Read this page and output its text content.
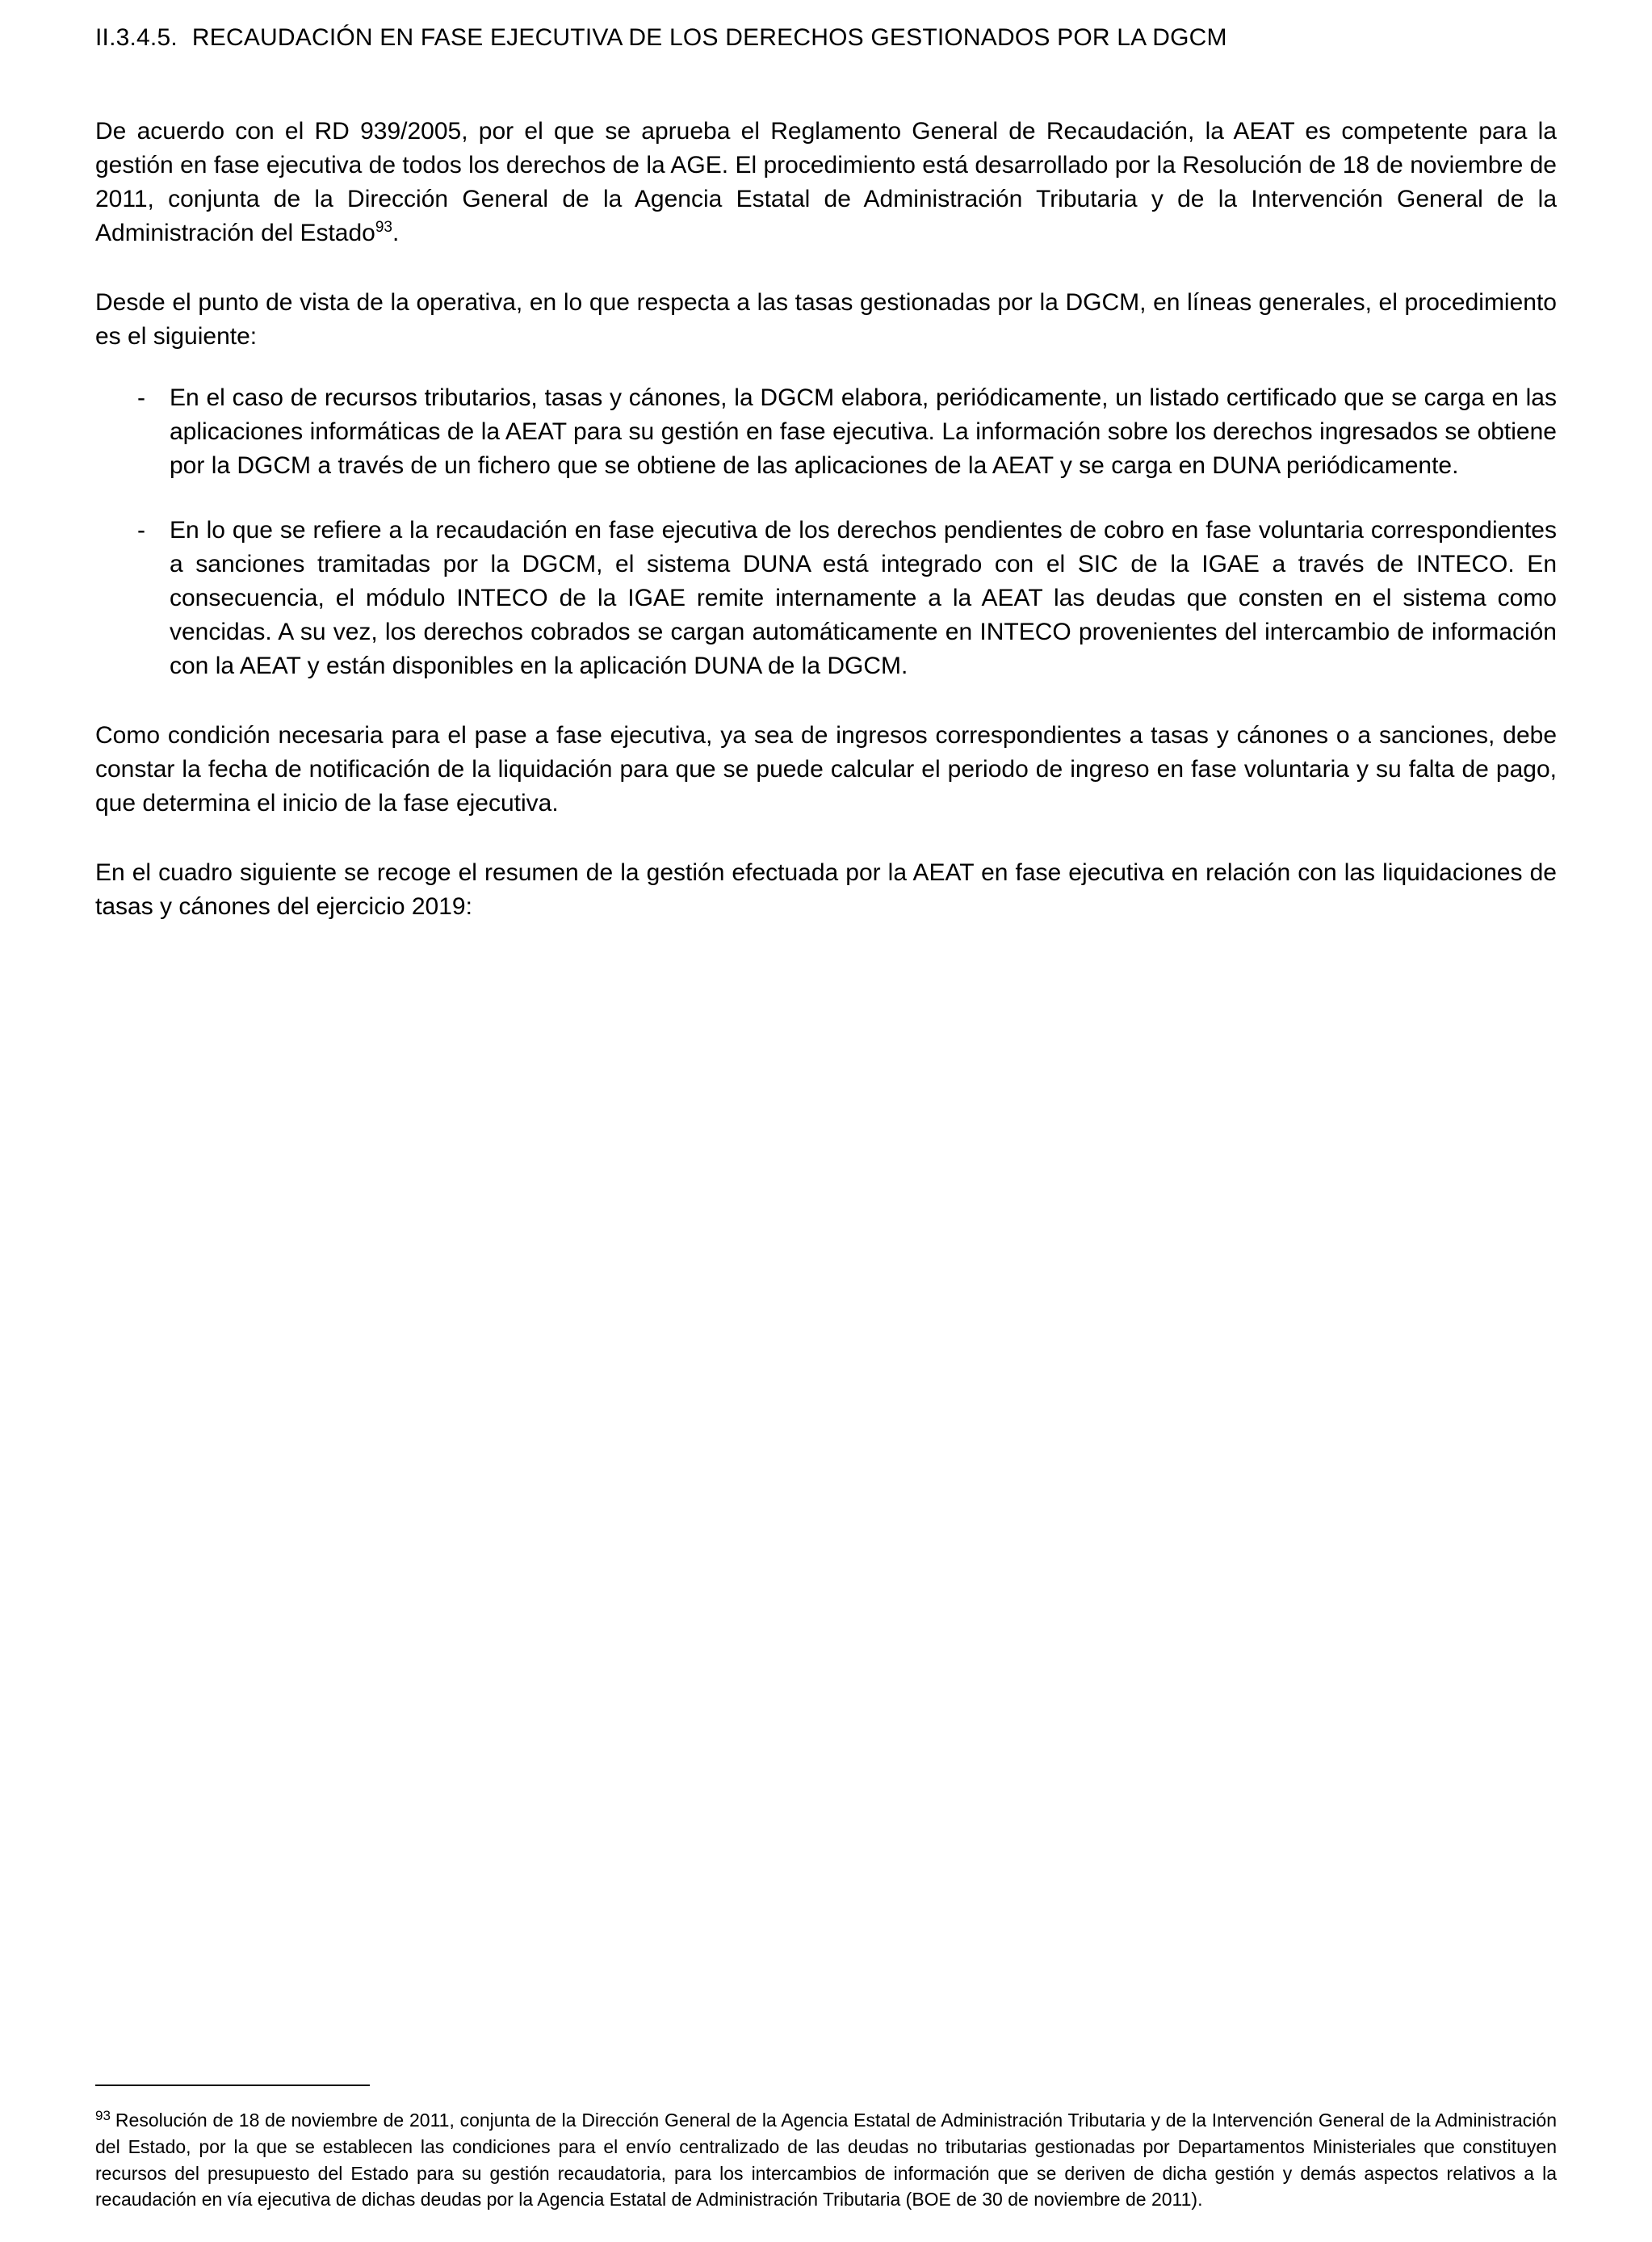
II.3.4.5. RECAUDACIÓN EN FASE EJECUTIVA DE LOS DERECHOS GESTIONADOS POR LA DGCM

De acuerdo con el RD 939/2005, por el que se aprueba el Reglamento General de Recaudación, la AEAT es competente para la gestión en fase ejecutiva de todos los derechos de la AGE. El procedimiento está desarrollado por la Resolución de 18 de noviembre de 2011, conjunta de la Dirección General de la Agencia Estatal de Administración Tributaria y de la Intervención General de la Administración del Estado$^{93}$.

Desde el punto de vista de la operativa, en lo que respecta a las tasas gestionadas por la DGCM, en líneas generales, el procedimiento es el siguiente:

-	En el caso de recursos tributarios, tasas y cánones, la DGCM elabora, periódicamente, un listado certificado que se carga en las aplicaciones informáticas de la AEAT para su gestión en fase ejecutiva. La información sobre los derechos ingresados se obtiene por la DGCM a través de un fichero que se obtiene de las aplicaciones de la AEAT y se carga en DUNA periódicamente.
-	En lo que se refiere a la recaudación en fase ejecutiva de los derechos pendientes de cobro en fase voluntaria correspondientes a sanciones tramitadas por la DGCM, el sistema DUNA está integrado con el SIC de la IGAE a través de INTECO. En consecuencia, el módulo INTECO de la IGAE remite internamente a la AEAT las deudas que consten en el sistema como vencidas. A su vez, los derechos cobrados se cargan automáticamente en INTECO provenientes del intercambio de información con la AEAT y están disponibles en la aplicación DUNA de la DGCM.

Como condición necesaria para el pase a fase ejecutiva, ya sea de ingresos correspondientes a tasas y cánones o a sanciones, debe constar la fecha de notificación de la liquidación para que se puede calcular el periodo de ingreso en fase voluntaria y su falta de pago, que determina el inicio de la fase ejecutiva.

En el cuadro siguiente se recoge el resumen de la gestión efectuada por la AEAT en fase ejecutiva en relación con las liquidaciones de tasas y cánones del ejercicio 2019:

$^{93}$ Resolución de 18 de noviembre de 2011, conjunta de la Dirección General de la Agencia Estatal de Administración Tributaria y de la Intervención General de la Administración del Estado, por la que se establecen las condiciones para el envío centralizado de las deudas no tributarias gestionadas por Departamentos Ministeriales que constituyen recursos del presupuesto del Estado para su gestión recaudatoria, para los intercambios de información que se deriven de dicha gestión y demás aspectos relativos a la recaudación en vía ejecutiva de dichas deudas por la Agencia Estatal de Administración Tributaria (BOE de 30 de noviembre de 2011).
